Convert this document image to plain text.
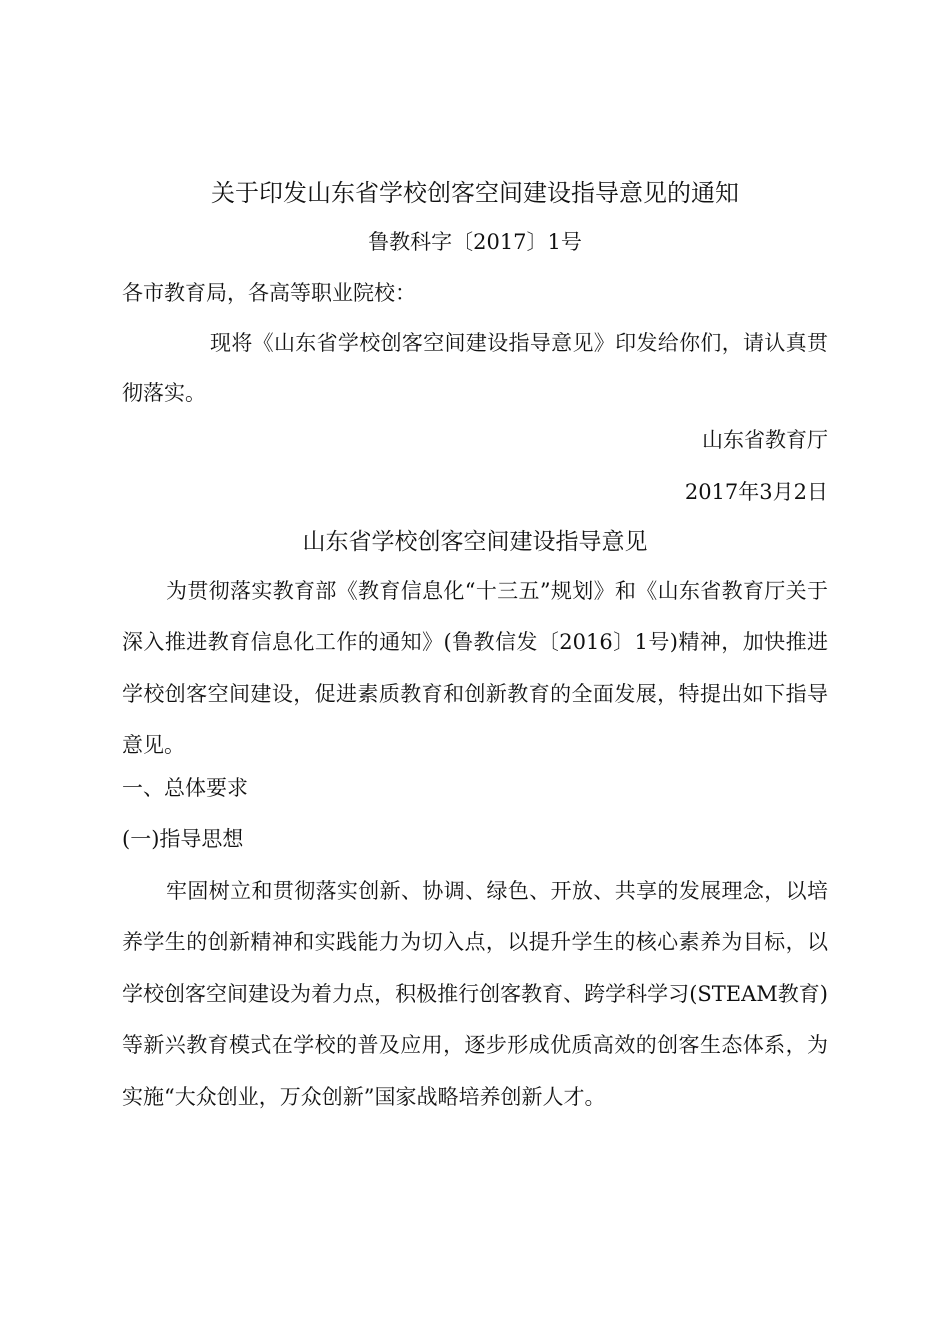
关于印发山东省学校创客空间建设指导意见的通知
鲁教科字〔2017〕1号
各市教育局，各高等职业院校：
现将《山东省学校创客空间建设指导意见》印发给你们，请认真贯彻落实。
山东省教育厅
2017年3月2日
山东省学校创客空间建设指导意见
为贯彻落实教育部《教育信息化“十三五”规划》和《山东省教育厅关于深入推进教育信息化工作的通知》(鲁教信发〔2016〕1号)精神，加快推进学校创客空间建设，促进素质教育和创新教育的全面发展，特提出如下指导意见。
一、总体要求
(一)指导思想
牢固树立和贯彻落实创新、协调、绿色、开放、共享的发展理念，以培养学生的创新精神和实践能力为切入点，以提升学生的核心素养为目标，以学校创客空间建设为着力点，积极推行创客教育、跨学科学习(STEAM教育)等新兴教育模式在学校的普及应用，逐步形成优质高效的创客生态体系，为实施“大众创业，万众创新”国家战略培养创新人才。
